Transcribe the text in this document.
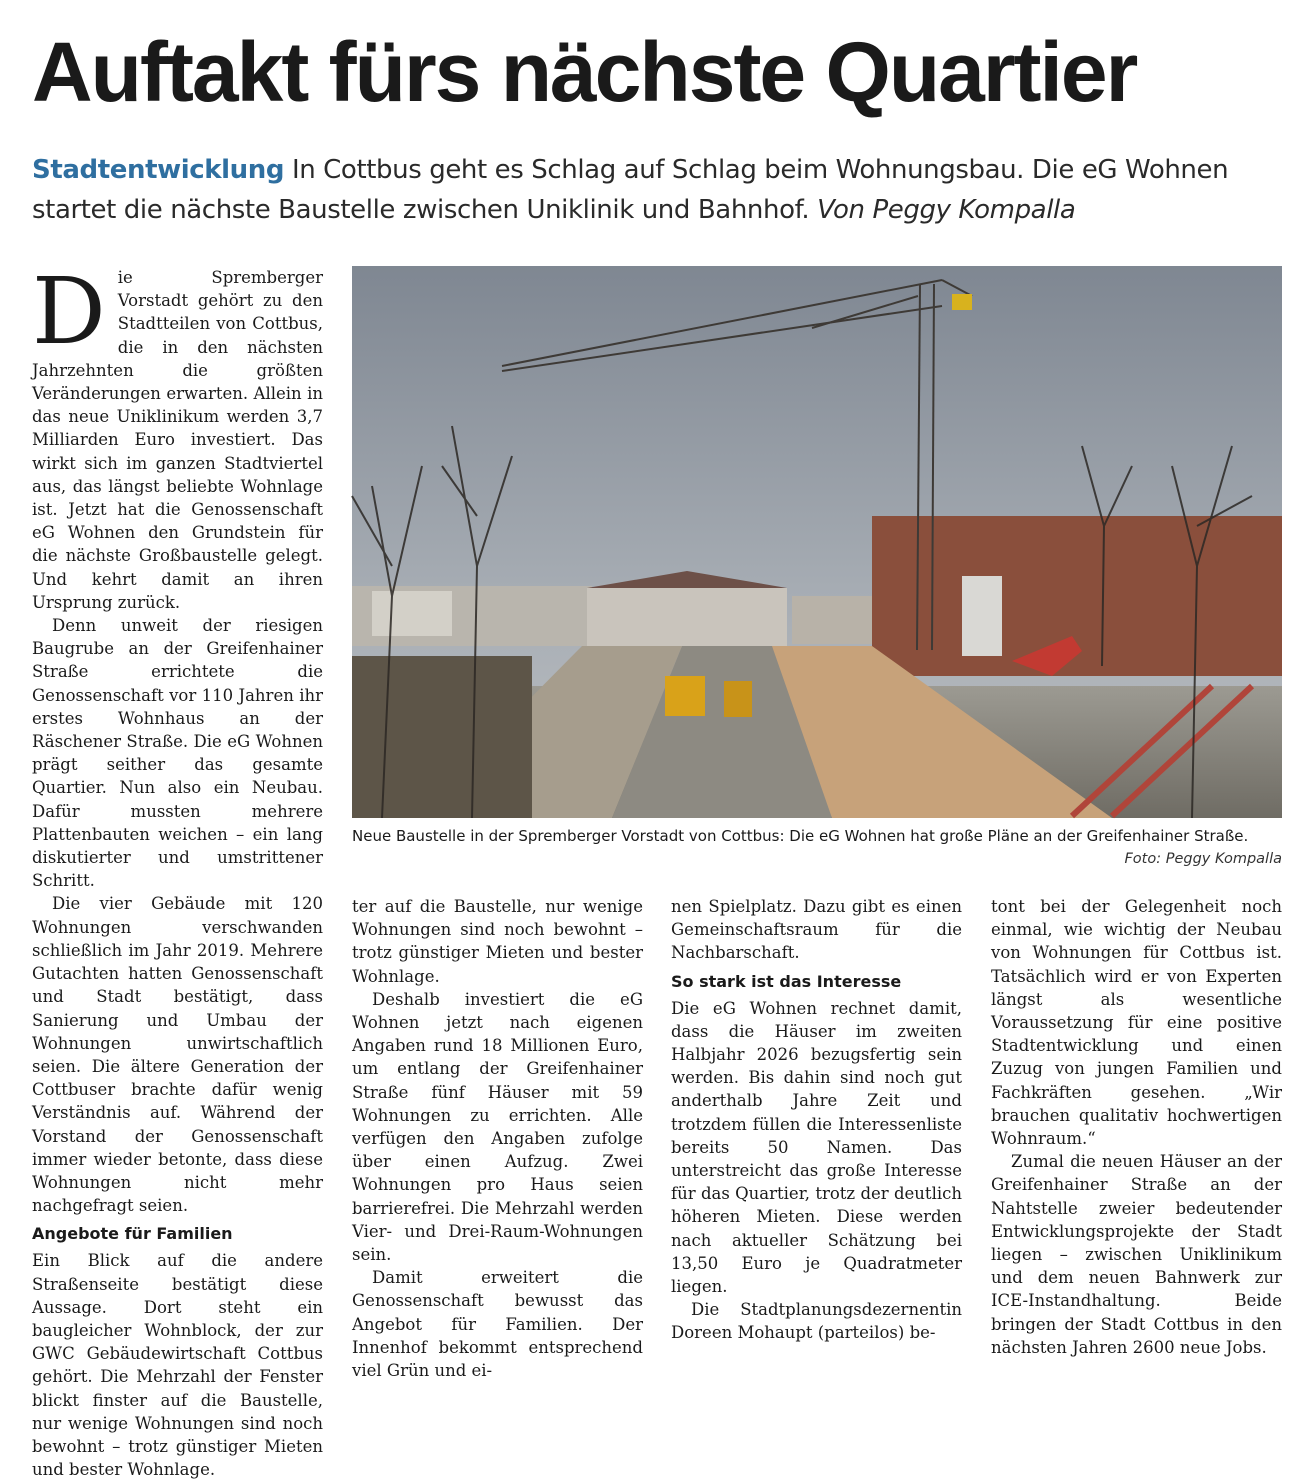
Auftakt fürs nächste Quartier

Stadtentwicklung In Cottbus geht es Schlag auf Schlag beim Wohnungsbau. Die eG Wohnen startet die nächste Baustelle zwischen Uniklinik und Bahnhof. Von Peggy Kompalla

Die Spremberger Vorstadt gehört zu den Stadtteilen von Cottbus, die in den nächsten Jahrzehnten die größten Veränderungen erwarten. Allein in das neue Uniklinikum werden 3,7 Milliarden Euro investiert. Das wirkt sich im ganzen Stadtviertel aus, das längst beliebte Wohnlage ist. Jetzt hat die Genossenschaft eG Wohnen den Grundstein für die nächste Großbaustelle gelegt. Und kehrt damit an ihren Ursprung zurück.

Denn unweit der riesigen Baugrube an der Greifenhainer Straße errichtete die Genossenschaft vor 110 Jahren ihr erstes Wohnhaus an der Räschener Straße. Die eG Wohnen prägt seither das gesamte Quartier. Nun also ein Neubau. Dafür mussten mehrere Plattenbauten weichen – ein lang diskutierter und umstrittener Schritt.

Die vier Gebäude mit 120 Wohnungen verschwanden schließlich im Jahr 2019. Mehrere Gutachten hatten Genossenschaft und Stadt bestätigt, dass Sanierung und Umbau der Wohnungen unwirtschaftlich seien. Die ältere Generation der Cottbuser brachte dafür wenig Verständnis auf. Während der Vorstand der Genossenschaft immer wieder betonte, dass diese Wohnungen nicht mehr nachgefragt seien.

Angebote für Familien

Ein Blick auf die andere Straßenseite bestätigt diese Aussage. Dort steht ein baugleicher Wohnblock, der zur GWC Gebäudewirtschaft Cottbus gehört. Die Mehrzahl der Fenster blickt finster auf die Baustelle, nur wenige Wohnungen sind noch bewohnt – trotz günstiger Mieten und bester Wohnlage.

Neue Baustelle in der Spremberger Vorstadt von Cottbus: Die eG Wohnen hat große Pläne an der Greifenhainer Straße.
Foto: Peggy Kompalla

ter auf die Baustelle, nur wenige Wohnungen sind noch bewohnt – trotz günstiger Mieten und bester Wohnlage.

Deshalb investiert die eG Wohnen jetzt nach eigenen Angaben rund 18 Millionen Euro, um entlang der Greifenhainer Straße fünf Häuser mit 59 Wohnungen zu errichten. Alle verfügen den Angaben zufolge über einen Aufzug. Zwei Wohnungen pro Haus seien barrierefrei. Die Mehrzahl werden Vier- und Drei-Raum-Wohnungen sein.

Damit erweitert die Genossenschaft bewusst das Angebot für Familien. Der Innenhof bekommt entsprechend viel Grün und ei-

nen Spielplatz. Dazu gibt es einen Gemeinschaftsraum für die Nachbarschaft.

So stark ist das Interesse

Die eG Wohnen rechnet damit, dass die Häuser im zweiten Halbjahr 2026 bezugsfertig sein werden. Bis dahin sind noch gut anderthalb Jahre Zeit und trotzdem füllen die Interessenliste bereits 50 Namen. Das unterstreicht das große Interesse für das Quartier, trotz der deutlich höheren Mieten. Diese werden nach aktueller Schätzung bei 13,50 Euro je Quadratmeter liegen.

Die Stadtplanungsdezernentin Doreen Mohaupt (parteilos) be-

tont bei der Gelegenheit noch einmal, wie wichtig der Neubau von Wohnungen für Cottbus ist. Tatsächlich wird er von Experten längst als wesentliche Voraussetzung für eine positive Stadtentwicklung und einen Zuzug von jungen Familien und Fachkräften gesehen. „Wir brauchen qualitativ hochwertigen Wohnraum.“

Zumal die neuen Häuser an der Greifenhainer Straße an der Nahtstelle zweier bedeutender Entwicklungsprojekte der Stadt liegen – zwischen Uniklinikum und dem neuen Bahnwerk zur ICE-Instandhaltung. Beide bringen der Stadt Cottbus in den nächsten Jahren 2600 neue Jobs.
